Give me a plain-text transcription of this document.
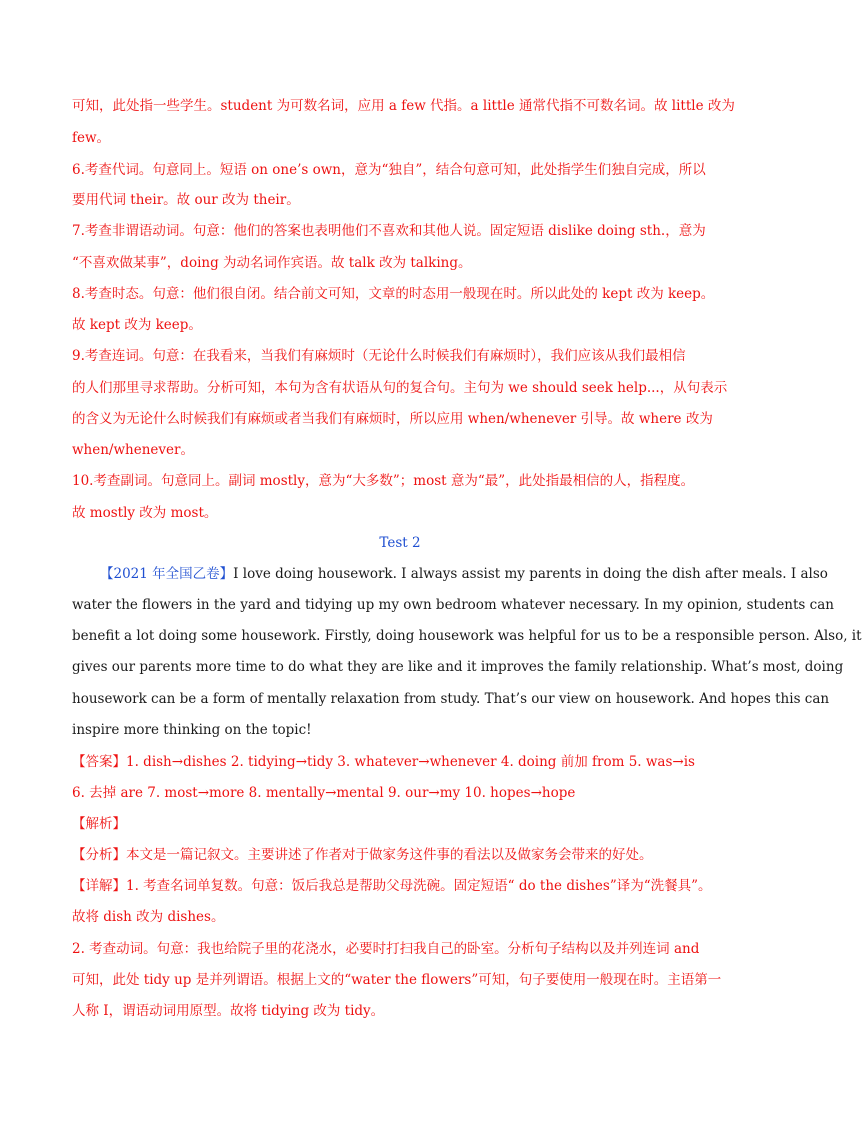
可知，此处指一些学生。student 为可数名词，应用 a few 代指。a little 通常代指不可数名词。故 little 改为
few。
6.考查代词。句意同上。短语 on one’s own，意为“独自”，结合句意可知，此处指学生们独自完成，所以
要用代词 their。故 our 改为 their。
7.考查非谓语动词。句意：他们的答案也表明他们不喜欢和其他人说。固定短语 dislike doing sth.，意为
“不喜欢做某事”，doing 为动名词作宾语。故 talk 改为 talking。
8.考查时态。句意：他们很自闭。结合前文可知，文章的时态用一般现在时。所以此处的 kept 改为 keep。
故 kept 改为 keep。
9.考查连词。句意：在我看来，当我们有麻烦时（无论什么时候我们有麻烦时），我们应该从我们最相信
的人们那里寻求帮助。分析可知，本句为含有状语从句的复合句。主句为 we should seek help...，从句表示
的含义为无论什么时候我们有麻烦或者当我们有麻烦时，所以应用 when/whenever 引导。故 where 改为
when/whenever。
10.考查副词。句意同上。副词 mostly，意为“大多数”；most 意为“最”，此处指最相信的人，指程度。
故 mostly 改为 most。
Test 2
【2021 年全国乙卷】I love doing housework. I always assist my parents in doing the dish after meals. I also
water the flowers in the yard and tidying up my own bedroom whatever necessary. In my opinion, students can
benefit a lot doing some housework. Firstly, doing housework was helpful for us to be a responsible person. Also, it
gives our parents more time to do what they are like and it improves the family relationship. What’s most, doing
housework can be a form of mentally relaxation from study. That’s our view on housework. And hopes this can
inspire more thinking on the topic!
【答案】1. dish→dishes 2. tidying→tidy 3. whatever→whenever 4. doing 前加 from 5. was→is
6. 去掉 are 7. most→more 8. mentally→mental 9. our→my 10. hopes→hope
【解析】
【分析】本文是一篇记叙文。主要讲述了作者对于做家务这件事的看法以及做家务会带来的好处。
【详解】1. 考查名词单复数。句意：饭后我总是帮助父母洗碗。固定短语“ do the dishes”译为“洗餐具”。
故将 dish 改为 dishes。
2. 考查动词。句意：我也给院子里的花浇水，必要时打扫我自己的卧室。分析句子结构以及并列连词 and
可知，此处 tidy up 是并列谓语。根据上文的“water the flowers”可知，句子要使用一般现在时。主语第一
人称 I，谓语动词用原型。故将 tidying 改为 tidy。
